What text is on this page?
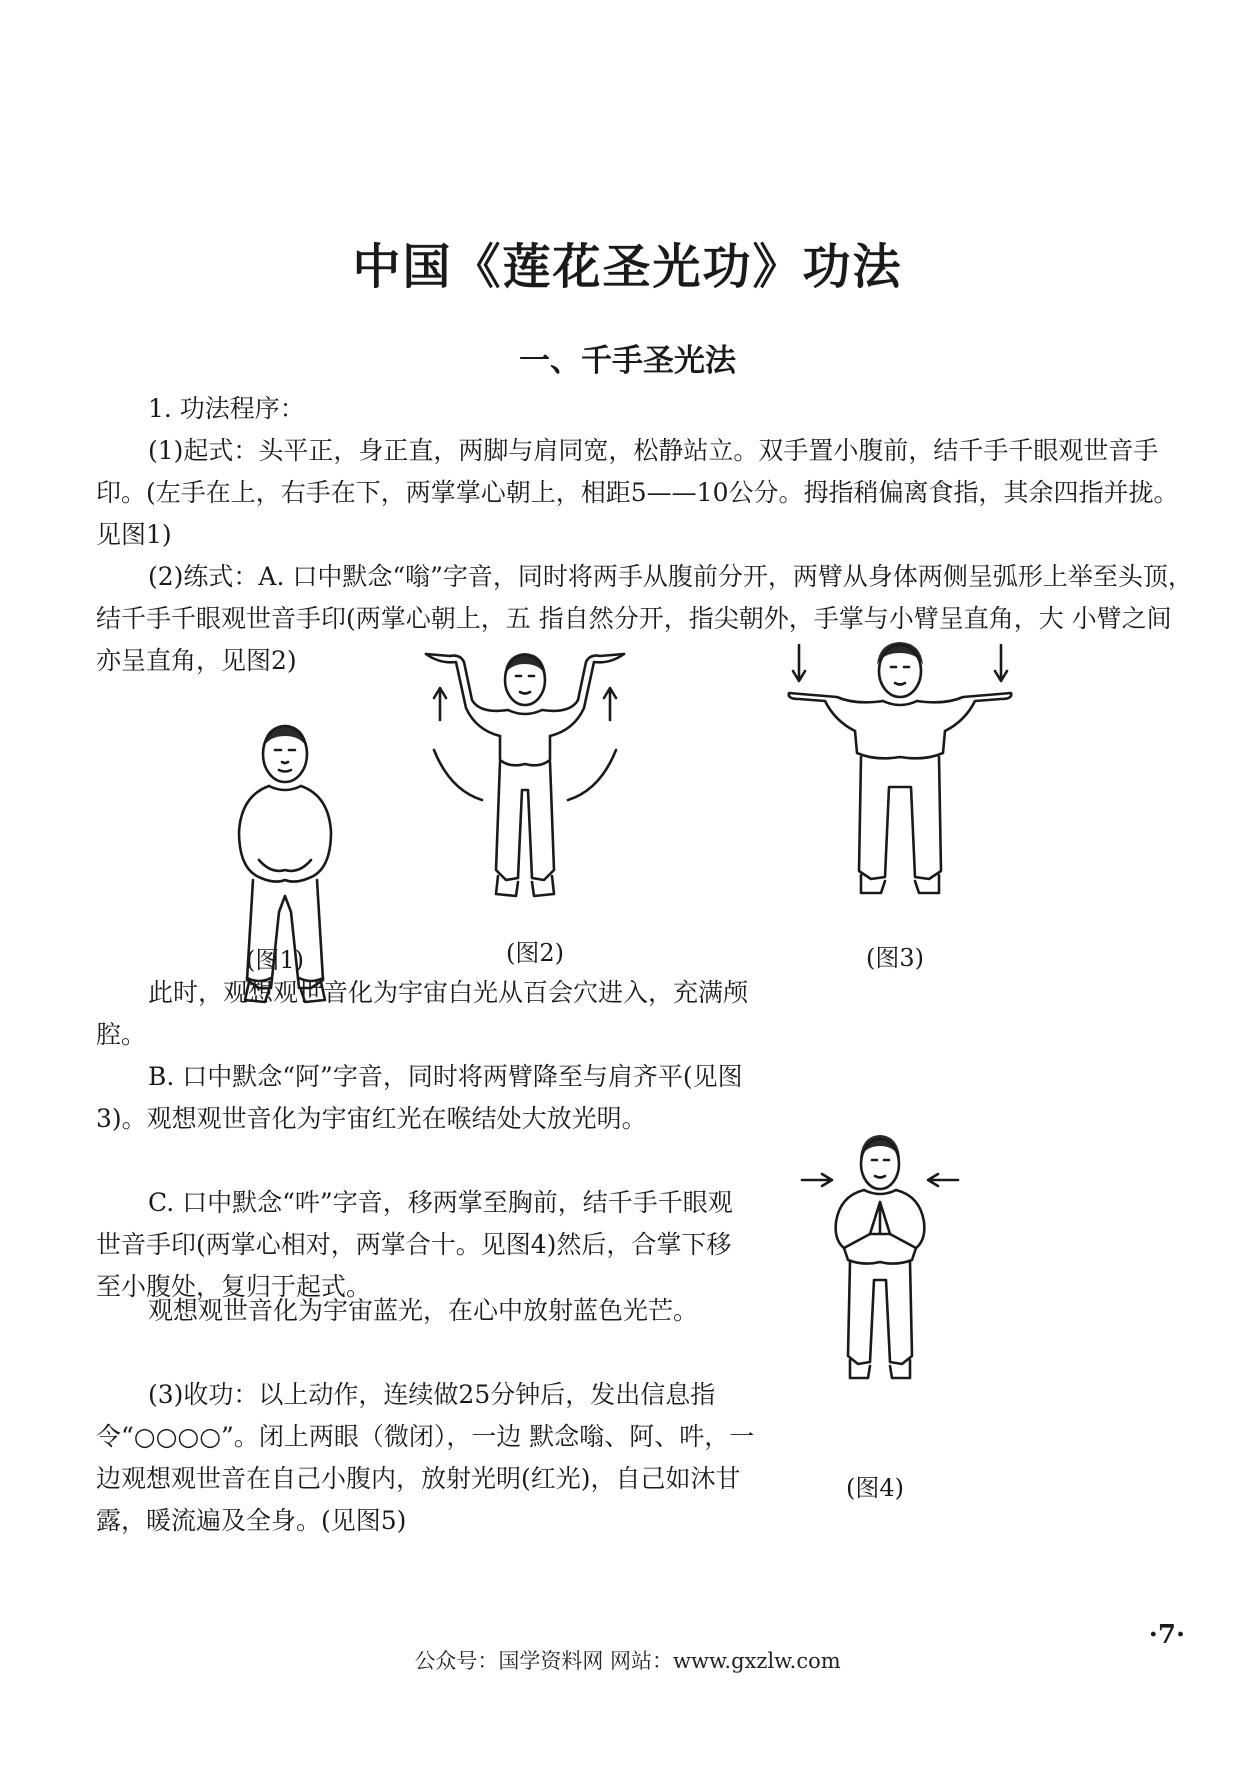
中国《莲花圣光功》功法
一、千手圣光法
1. 功法程序：
(1)起式：头平正，身正直，两脚与肩同宽，松静站立。双手置小腹前，结千手千眼观世音手印。(左手在上，右手在下，两掌掌心朝上，相距5——10公分。拇指稍偏离食指，其余四指并拢。见图1)
(2)练式：A. 口中默念“嗡”字音，同时将两手从腹前分开，两臂从身体两侧呈弧形上举至头顶，结千手千眼观世音手印(两掌心朝上，五 指自然分开，指尖朝外，手掌与小臂呈直角，大 小臂之间亦呈直角，见图2)
(图1)	(图2)	(图3)
此时，观想观世音化为宇宙白光从百会穴进入，充满颅腔。
B. 口中默念“阿”字音，同时将两臂降至与肩齐平(见图3)。观想观世音化为宇宙红光在喉结处大放光明。
C. 口中默念“吽”字音，移两掌至胸前，结千手千眼观世音手印(两掌心相对，两掌合十。见图4)然后，合掌下移至小腹处，复归于起式。
观想观世音化为宇宙蓝光，在心中放射蓝色光芒。
(3)收功：以上动作，连续做25分钟后，发出信息指令“○○○○”。闭上两眼（微闭），一边 默念嗡、阿、吽，一边观想观世音在自己小腹内，放射光明(红光)，自己如沐甘露，暖流遍及全身。(见图5)
(图4)
·7·
公众号：国学资料网 网站：www.gxzlw.com
